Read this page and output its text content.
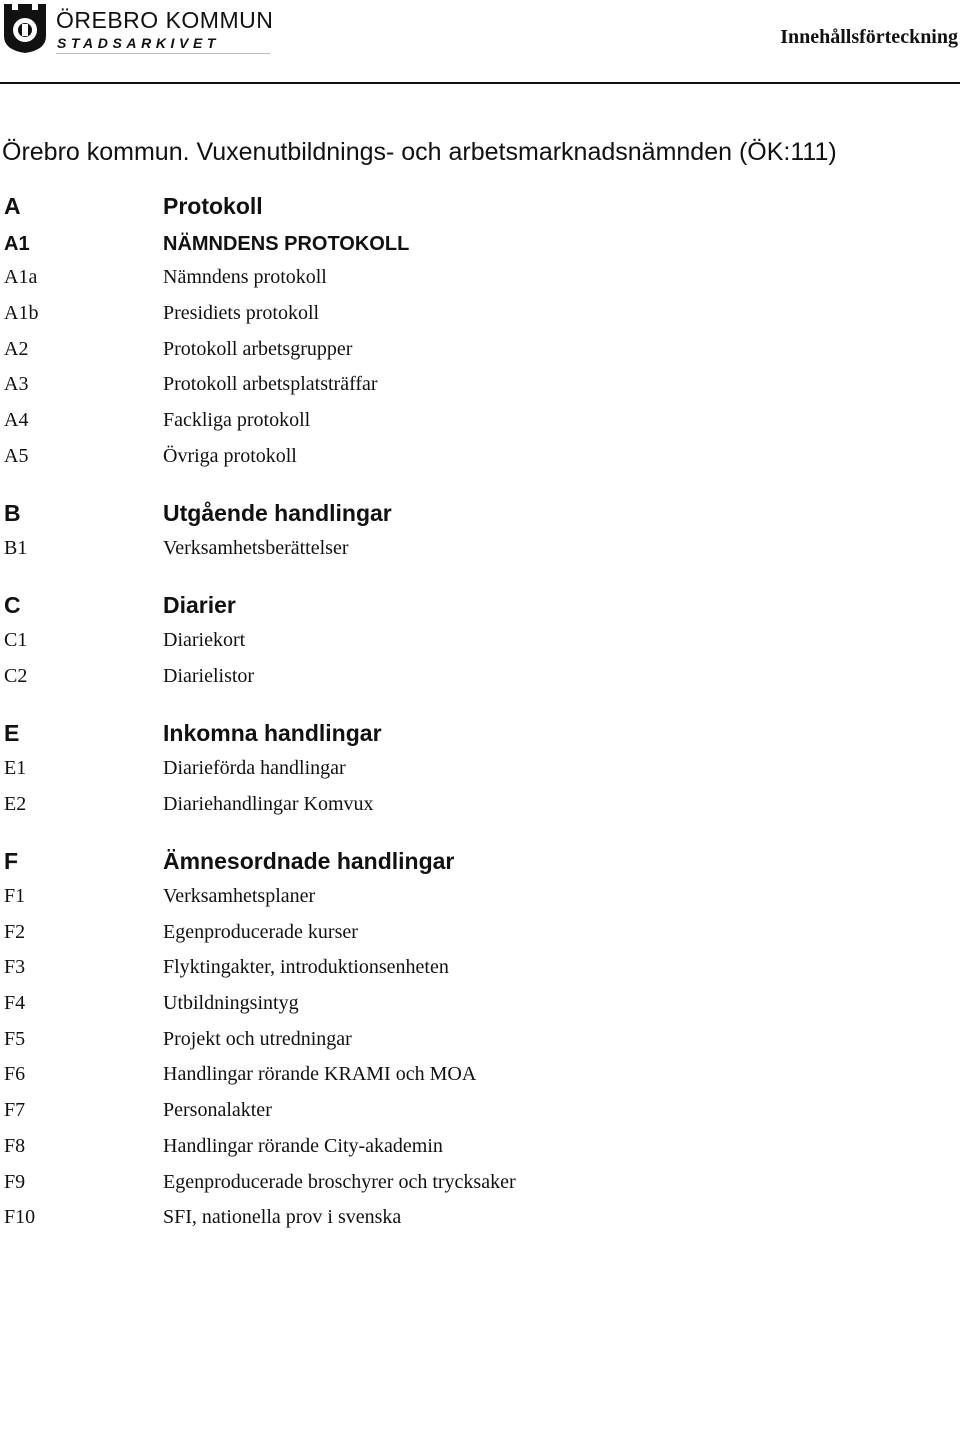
ÖREBRO KOMMUN
STADSARKIVET	Innehållsförteckning
Örebro kommun. Vuxenutbildnings- och arbetsmarknadsnämnden (ÖK:111)
A	Protokoll
A1	NÄMNDENS PROTOKOLL
A1a	Nämndens protokoll
A1b	Presidiets protokoll
A2	Protokoll arbetsgrupper
A3	Protokoll arbetsplatsträffar
A4	Fackliga protokoll
A5	Övriga protokoll
B	Utgående handlingar
B1	Verksamhetsberättelser
C	Diarier
C1	Diariekort
C2	Diarielistor
E	Inkomna handlingar
E1	Diarieförda handlingar
E2	Diariehandlingar Komvux
F	Ämnesordnade handlingar
F1	Verksamhetsplaner
F2	Egenproducerade kurser
F3	Flyktingakter, introduktionsenheten
F4	Utbildningsintyg
F5	Projekt och utredningar
F6	Handlingar rörande KRAMI och MOA
F7	Personalakter
F8	Handlingar rörande City-akademin
F9	Egenproducerade broschyrer och trycksaker
F10	SFI, nationella prov i svenska
